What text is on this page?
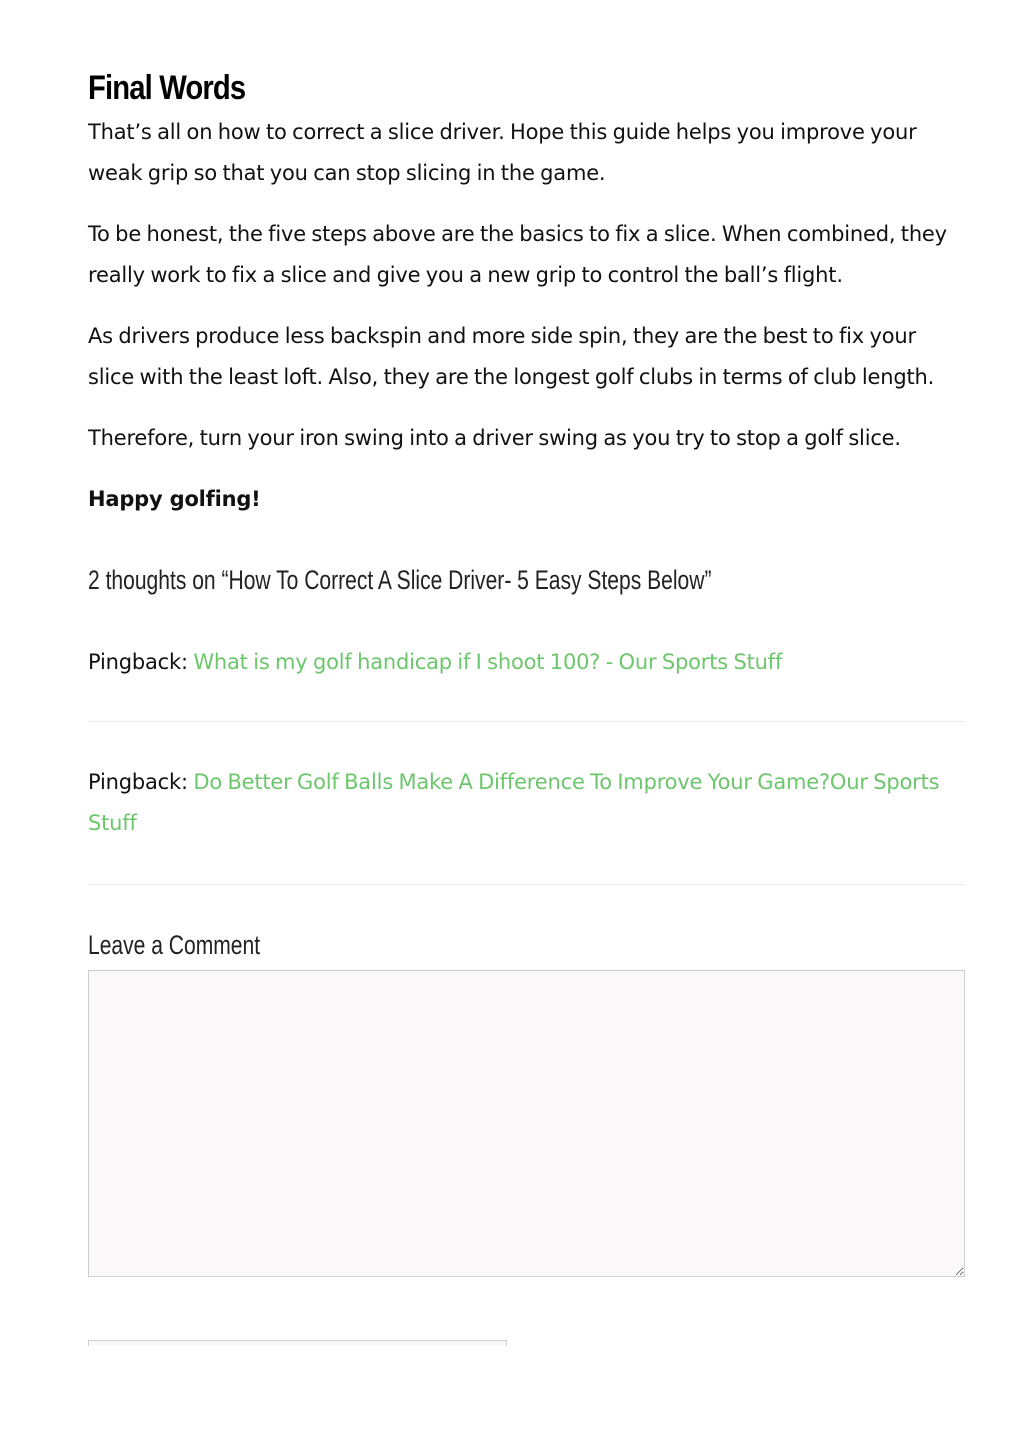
Final Words

That’s all on how to correct a slice driver. Hope this guide helps you improve your weak grip so that you can stop slicing in the game.

To be honest, the five steps above are the basics to fix a slice. When combined, they really work to fix a slice and give you a new grip to control the ball’s flight.

As drivers produce less backspin and more side spin, they are the best to fix your slice with the least loft. Also, they are the longest golf clubs in terms of club length.

Therefore, turn your iron swing into a driver swing as you try to stop a golf slice.

Happy golfing!

2 thoughts on “How To Correct A Slice Driver- 5 Easy Steps Below”
Pingback: What is my golf handicap if I shoot 100? - Our Sports Stuff
Pingback: Do Better Golf Balls Make A Difference To Improve Your Game?Our Sports Stuff
Leave a Comment
